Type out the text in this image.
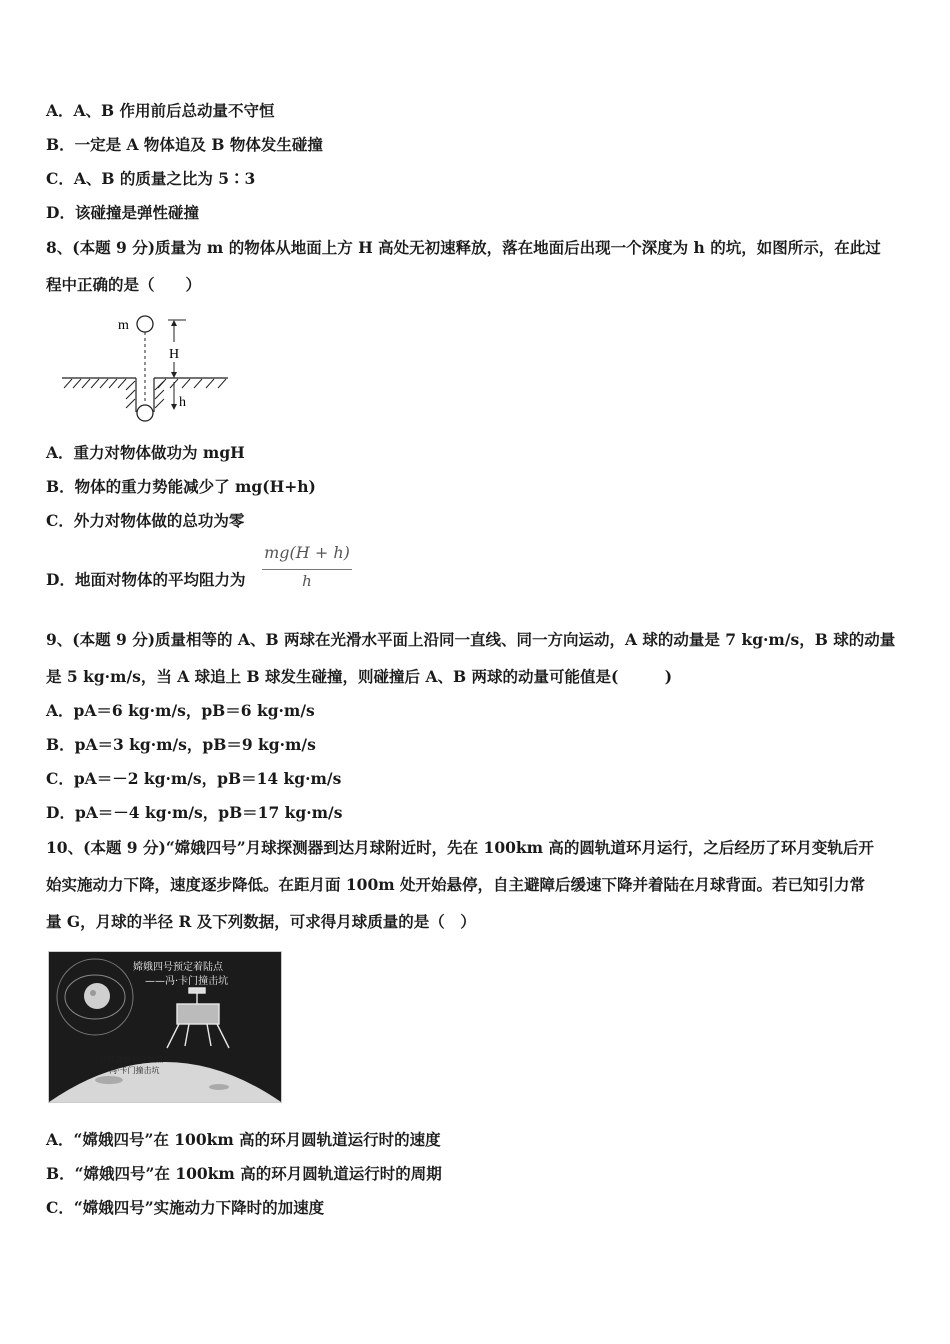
A．A、B 作用前后总动量不守恒
B．一定是 A 物体追及 B 物体发生碰撞
C．A、B 的质量之比为 5∶3
D．该碰撞是弹性碰撞
8、(本题 9 分)质量为 m 的物体从地面上方 H 高处无初速释放，落在地面后出现一个深度为 h 的坑，如图所示，在此过
程中正确的是（　　）
m
H
h
A．重力对物体做功为 mgH
B．物体的重力势能减少了 mg(H+h)
C．外力对物体做的总功为零
D．地面对物体的平均阻力为
mg(H + h)
h
9、(本题 9 分)质量相等的 A、B 两球在光滑水平面上沿同一直线、同一方向运动，A 球的动量是 7 kg·m/s，B 球的动量
是 5 kg·m/s，当 A 球追上 B 球发生碰撞，则碰撞后 A、B 两球的动量可能值是(　　　)
A．pA＝6 kg·m/s，pB＝6 kg·m/s
B．pA＝3 kg·m/s，pB＝9 kg·m/s
C．pA＝－2 kg·m/s，pB＝14 kg·m/s
D．pA＝－4 kg·m/s，pB＝17 kg·m/s
10、(本题 9 分)“嫦娥四号”月球探测器到达月球附近时，先在 100km 高的圆轨道环月运行，之后经历了环月变轨后开
始实施动力下降，速度逐步降低。在距月面 100m 处开始悬停，自主避障后缓速下降并着陆在月球背面。若已知引力常
量 G，月球的半径 R 及下列数据，可求得月球质量的是（　）
嫦娥四号预定着陆点
——冯·卡门撞击坑
月球背面着陆地点
冯·卡门撞击坑
A．“嫦娥四号”在 100km 高的环月圆轨道运行时的速度
B．“嫦娥四号”在 100km 高的环月圆轨道运行时的周期
C．“嫦娥四号”实施动力下降时的加速度
